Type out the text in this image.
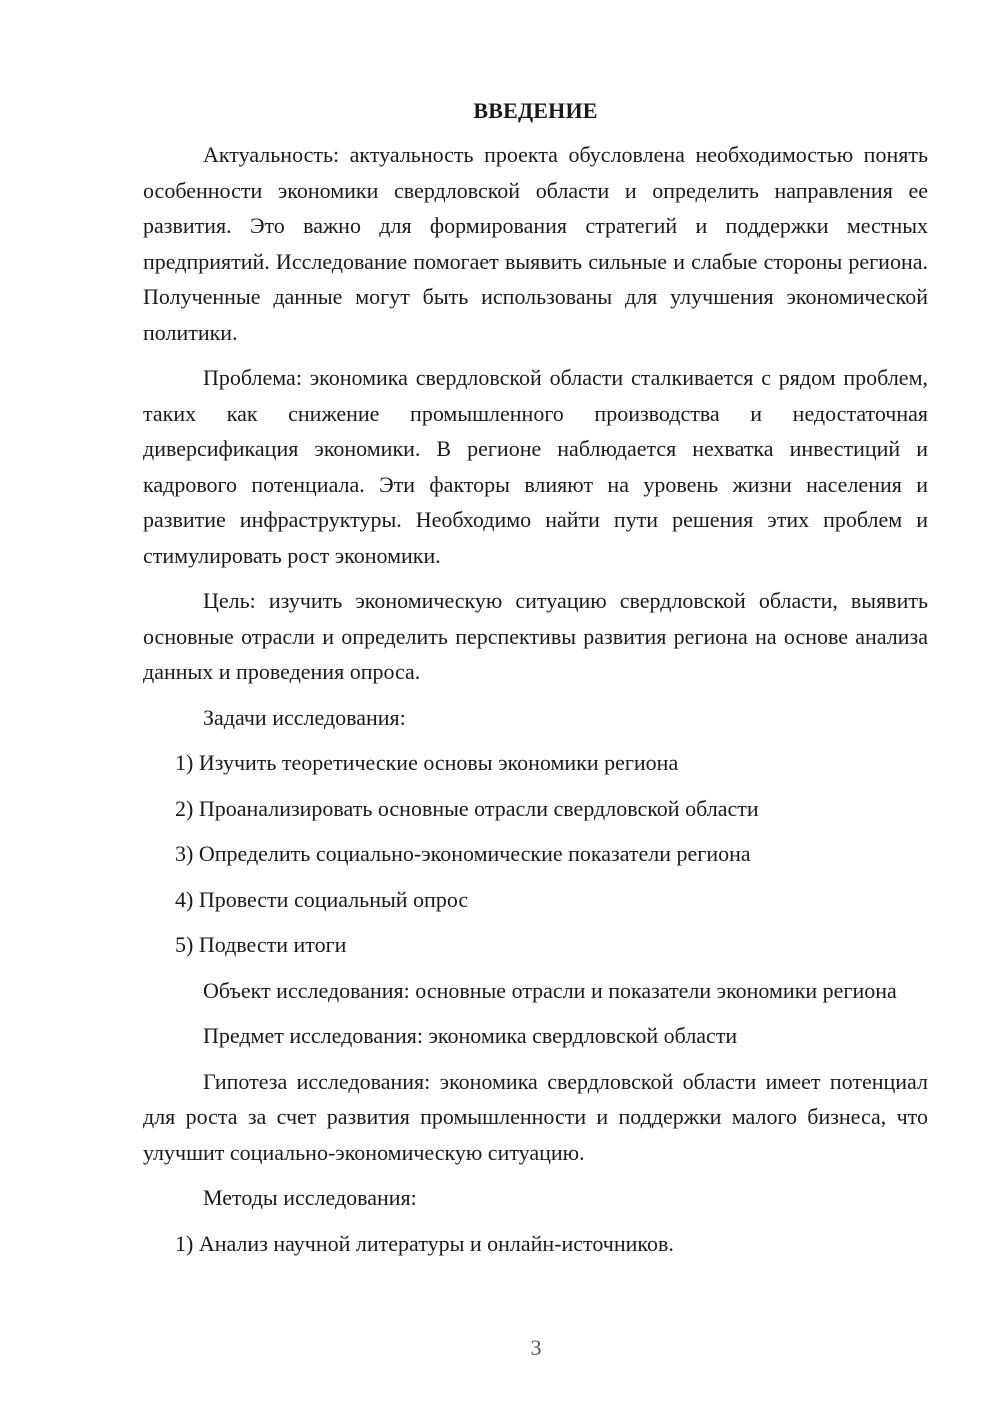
ВВЕДЕНИЕ

Актуальность: актуальность проекта обусловлена необходимостью понять особенности экономики свердловской области и определить направления ее развития. Это важно для формирования стратегий и поддержки местных предприятий. Исследование помогает выявить сильные и слабые стороны региона. Полученные данные могут быть использованы для улучшения экономической политики.

Проблема: экономика свердловской области сталкивается с рядом проблем, таких как снижение промышленного производства и недостаточная диверсификация экономики. В регионе наблюдается нехватка инвестиций и кадрового потенциала. Эти факторы влияют на уровень жизни населения и развитие инфраструктуры. Необходимо найти пути решения этих проблем и стимулировать рост экономики.

Цель: изучить экономическую ситуацию свердловской области, выявить основные отрасли и определить перспективы развития региона на основе анализа данных и проведения опроса.

Задачи исследования:

1) Изучить теоретические основы экономики региона
2) Проанализировать основные отрасли свердловской области
3) Определить социально-экономические показатели региона
4) Провести социальный опрос
5) Подвести итоги

Объект исследования: основные отрасли и показатели экономики региона

Предмет исследования: экономика свердловской области

Гипотеза исследования: экономика свердловской области имеет потенциал для роста за счет развития промышленности и поддержки малого бизнеса, что улучшит социально-экономическую ситуацию.

Методы исследования:

1) Анализ научной литературы и онлайн-источников.
3
